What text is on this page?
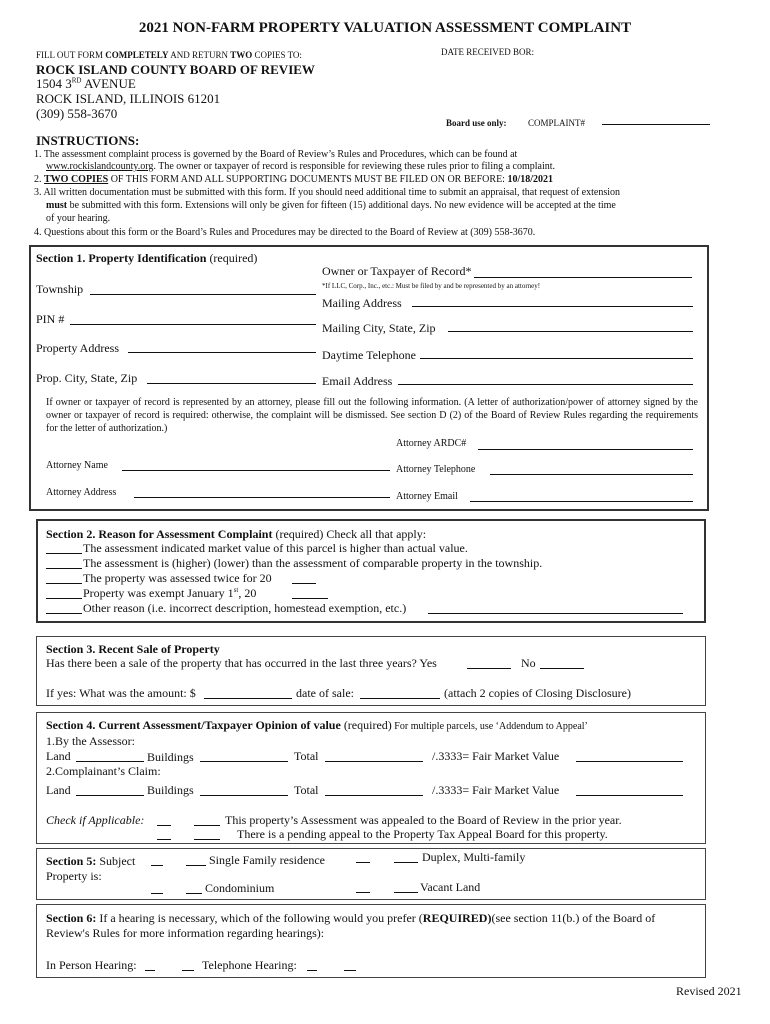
2021 NON-FARM PROPERTY VALUATION ASSESSMENT COMPLAINT
FILL OUT FORM COMPLETELY AND RETURN TWO COPIES TO:	DATE RECEIVED BOR:
ROCK ISLAND COUNTY BOARD OF REVIEW
1504 3RD AVENUE
ROCK ISLAND, ILLINOIS 61201
(309) 558-3670
Board use only: COMPLAINT#
INSTRUCTIONS:
1. The assessment complaint process is governed by the Board of Review’s Rules and Procedures, which can be found at
www.rockislandcounty.org. The owner or taxpayer of record is responsible for reviewing these rules prior to filing a complaint.
2. TWO COPIES OF THIS FORM AND ALL SUPPORTING DOCUMENTS MUST BE FILED ON OR BEFORE: 10/18/2021
3. All written documentation must be submitted with this form. If you should need additional time to submit an appraisal, that request of extension
must be submitted with this form. Extensions will only be given for fifteen (15) additional days. No new evidence will be accepted at the time
of your hearing.
4. Questions about this form or the Board’s Rules and Procedures may be directed to the Board of Review at (309) 558-3670.
Section 1. Property Identification (required)
Owner or Taxpayer of Record*
*If LLC, Corp., Inc., etc.: Must be filed by and be represented by an attorney!
Township
Mailing Address
PIN #
Mailing City, State, Zip
Property Address	Daytime Telephone
Prop. City, State, Zip	Email Address
If owner or taxpayer of record is represented by an attorney, please fill out the following information. (A letter of authorization/power of attorney signed by the owner or taxpayer of record is required: otherwise, the complaint will be dismissed. See section D (2) of the Board of Review Rules regarding the requirements for the letter of authorization.)
Attorney ARDC#
Attorney Name	Attorney Telephone
Attorney Address	Attorney Email
Section 2. Reason for Assessment Complaint (required) Check all that apply:
The assessment indicated market value of this parcel is higher than actual value.
The assessment is (higher) (lower) than the assessment of comparable property in the township.
The property was assessed twice for 20
Property was exempt January 1st, 20
Other reason (i.e. incorrect description, homestead exemption, etc.)
Section 3. Recent Sale of Property
Has there been a sale of the property that has occurred in the last three years? Yes	No
If yes: What was the amount: $	date of sale:	(attach 2 copies of Closing Disclosure)
Section 4. Current Assessment/Taxpayer Opinion of value (required) For multiple parcels, use ‘Addendum to Appeal’
1.By the Assessor:
Land	Buildings	Total	/.3333= Fair Market Value
2.Complainant’s Claim:
Land	Buildings	Total	/.3333= Fair Market Value
Check if Applicable:	This property’s Assessment was appealed to the Board of Review in the prior year.
There is a pending appeal to the Property Tax Appeal Board for this property.
Section 5: Subject
Property is:
Single Family residence	Duplex, Multi-family
Condominium	Vacant Land
Section 6: If a hearing is necessary, which of the following would you prefer (REQUIRED)(see section 11(b.) of the Board of
Review's Rules for more information regarding hearings):
In Person Hearing:	Telephone Hearing:
Revised 2021
